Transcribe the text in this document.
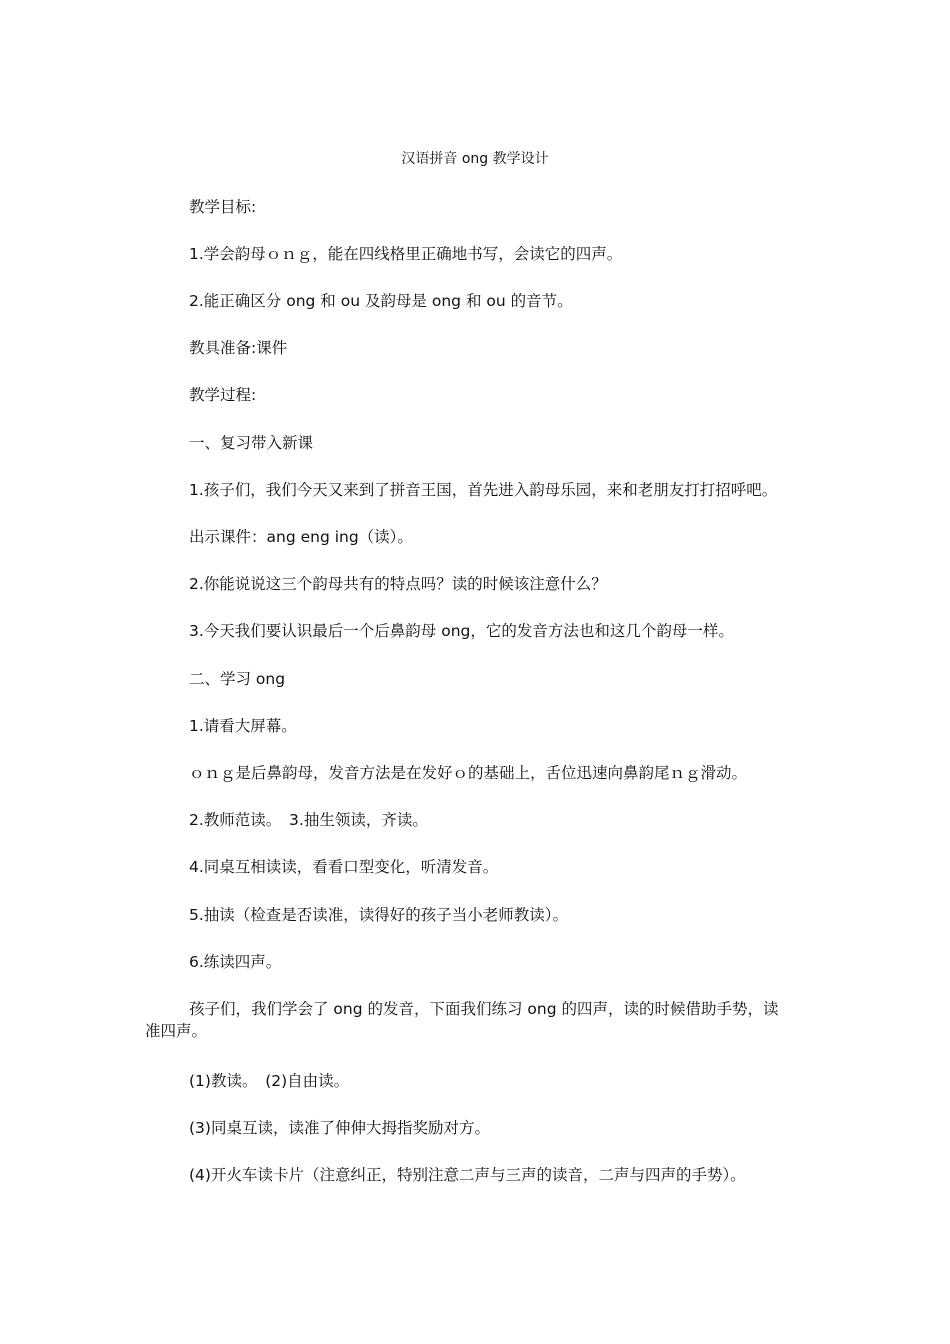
汉语拼音 ong 教学设计

教学目标:

1.学会韵母ｏｎｇ，能在四线格里正确地书写，会读它的四声。

2.能正确区分 ong 和 ou 及韵母是 ong 和 ou 的音节。

教具准备:课件

教学过程:

一、复习带入新课

1.孩子们，我们今天又来到了拼音王国，首先进入韵母乐园，来和老朋友打打招呼吧。

出示课件：ang eng ing（读）。

2.你能说说这三个韵母共有的特点吗？读的时候该注意什么？

3.今天我们要认识最后一个后鼻韵母 ong，它的发音方法也和这几个韵母一样。

二、学习 ong

1.请看大屏幕。

ｏｎｇ是后鼻韵母，发音方法是在发好ｏ的基础上，舌位迅速向鼻韵尾ｎｇ滑动。

2.教师范读。　3.抽生领读，齐读。

4.同桌互相读读，看看口型变化，听清发音。

5.抽读（检查是否读准，读得好的孩子当小老师教读）。

6.练读四声。

孩子们，我们学会了 ong 的发音，下面我们练习 ong 的四声，读的时候借助手势，读
准四声。

(1)教读。　(2)自由读。

(3)同桌互读，读准了伸伸大拇指奖励对方。

(4)开火车读卡片（注意纠正，特别注意二声与三声的读音，二声与四声的手势）。
